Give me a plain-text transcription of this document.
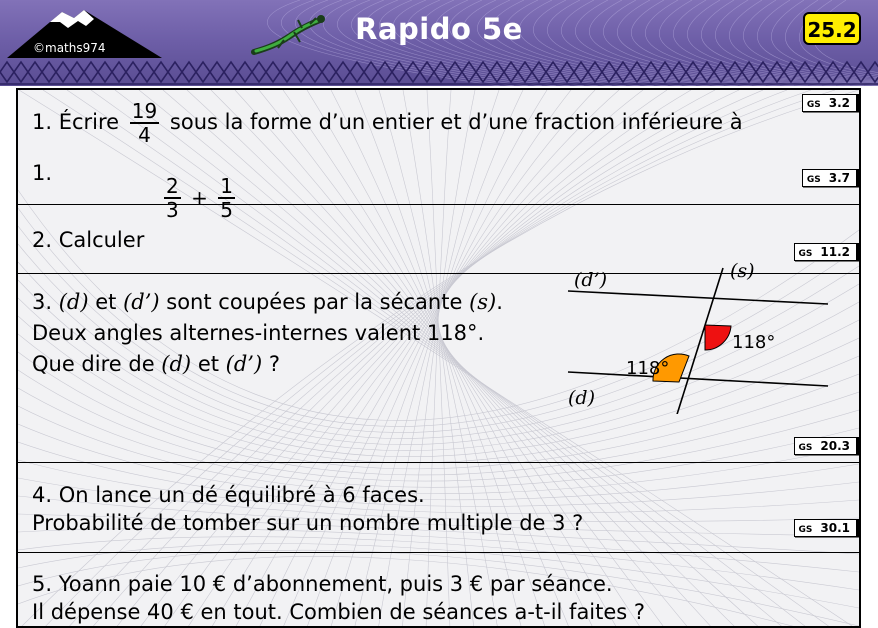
©maths974
Rapido 5e	25.2
1. Écrire $\frac{19}{4}$ sous la forme d’un entier et d’une fraction inférieure à
1.
GS 3.2
GS 3.7
2. Calculer
$\frac{2}{3} + \frac{1}{5}$
GS 11.2
3. (d) et (d’) sont coupées par la sécante (s).
Deux angles alternes-internes valent 118°.
Que dire de (d) et (d’) ?
(d’)	(s)
(d)
118°
118°
GS 20.3
4. On lance un dé équilibré à 6 faces.
Probabilité de tomber sur un nombre multiple de 3 ?	GS 30.1
5. Yoann paie 10 € d’abonnement, puis 3 € par séance.
Il dépense 40 € en tout. Combien de séances a-t-il faites ?
